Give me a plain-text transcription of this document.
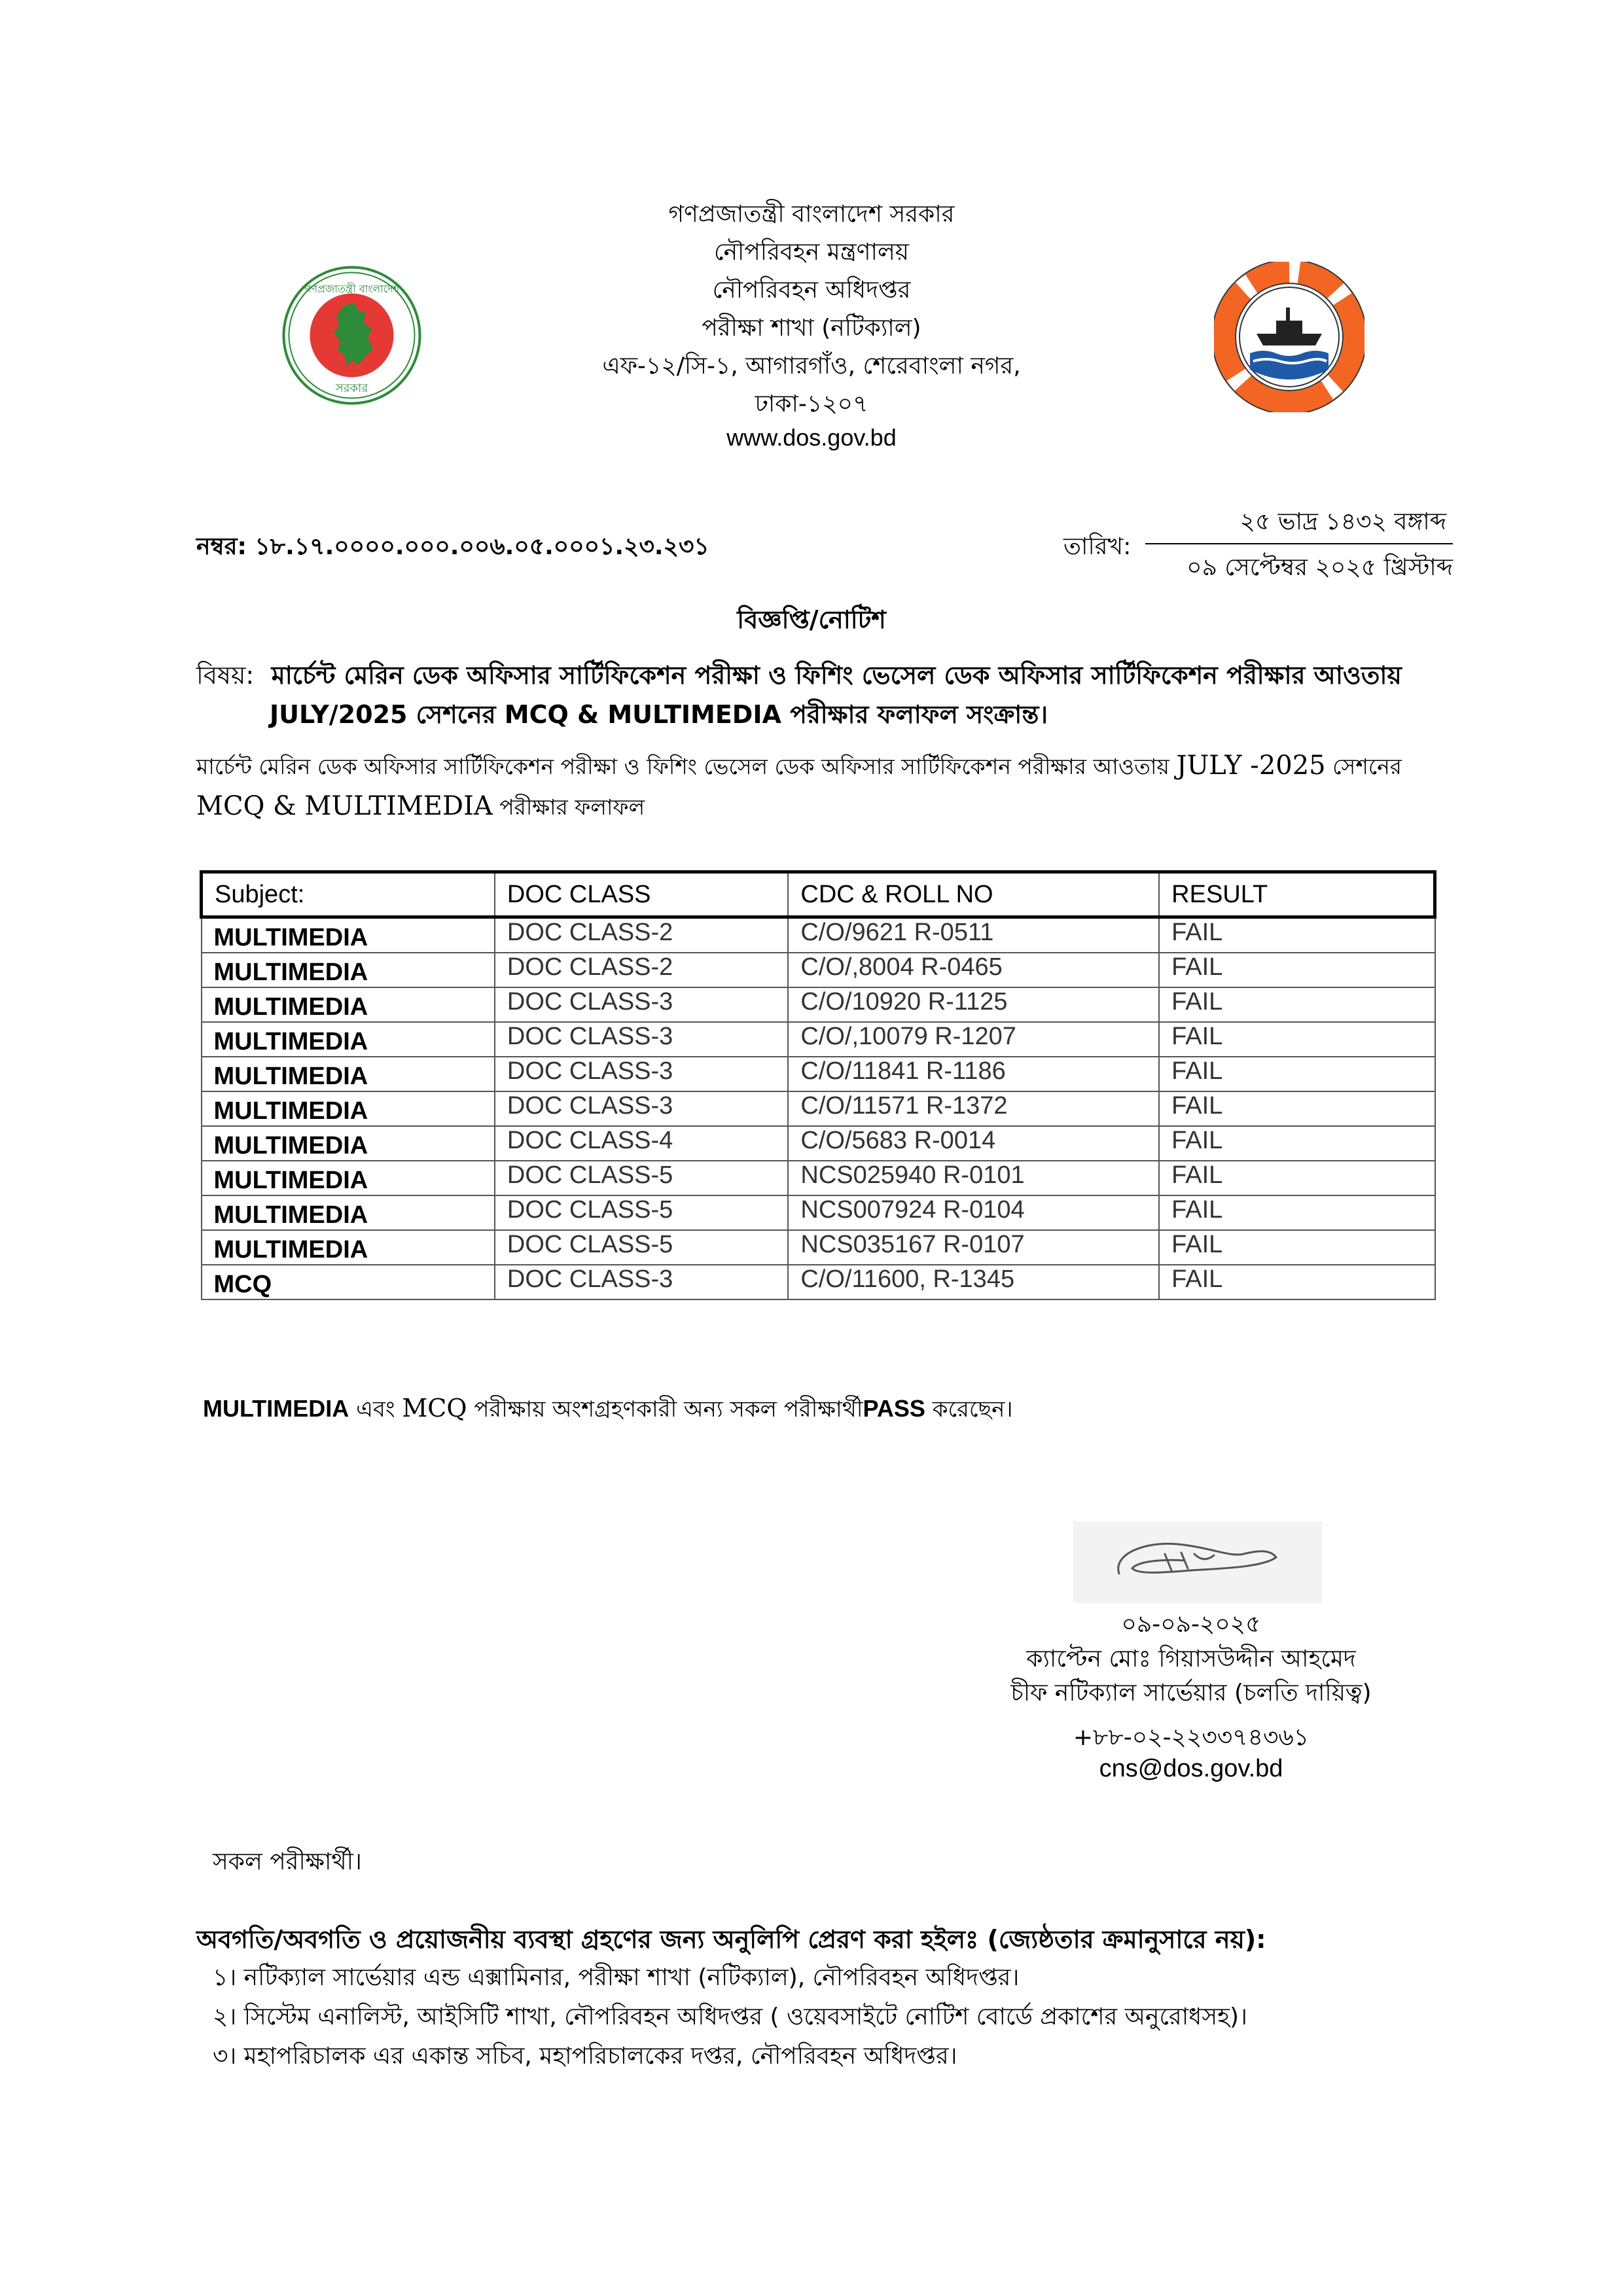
গণপ্রজাতন্ত্রী বাংলাদেশ
সরকার
গণপ্রজাতন্ত্রী বাংলাদেশ সরকার
নৌপরিবহন মন্ত্রণালয়
নৌপরিবহন অধিদপ্তর
পরীক্ষা শাখা (নটিক্যাল)
এফ-১২/সি-১, আগারগাঁও, শেরেবাংলা নগর,
ঢাকা-১২০৭
www.dos.gov.bd
নম্বর: ১৮.১৭.০০০০.০০০.০০৬.০৫.০০০১.২৩.২৩১
২৫ ভাদ্র ১৪৩২ বঙ্গাব্দ
তারিখ:
০৯ সেপ্টেম্বর ২০২৫ খ্রিস্টাব্দ
বিজ্ঞপ্তি/নোটিশ
বিষয়: মার্চেন্ট মেরিন ডেক অফিসার সার্টিফিকেশন পরীক্ষা ও ফিশিং ভেসেল ডেক অফিসার সার্টিফিকেশন পরীক্ষার আওতায়
JULY/2025 সেশনের MCQ & MULTIMEDIA পরীক্ষার ফলাফল সংক্রান্ত।
মার্চেন্ট মেরিন ডেক অফিসার সার্টিফিকেশন পরীক্ষা ও ফিশিং ভেসেল ডেক অফিসার সার্টিফিকেশন পরীক্ষার আওতায় JULY -2025 সেশনের
MCQ & MULTIMEDIA পরীক্ষার ফলাফল
Subject:	DOC CLASS	CDC & ROLL NO	RESULT
MULTIMEDIA	DOC CLASS-2	C/O/9621 R-0511	FAIL
MULTIMEDIA	DOC CLASS-2	C/O/,8004 R-0465	FAIL
MULTIMEDIA	DOC CLASS-3	C/O/10920 R-1125	FAIL
MULTIMEDIA	DOC CLASS-3	C/O/,10079 R-1207	FAIL
MULTIMEDIA	DOC CLASS-3	C/O/11841 R-1186	FAIL
MULTIMEDIA	DOC CLASS-3	C/O/11571 R-1372	FAIL
MULTIMEDIA	DOC CLASS-4	C/O/5683 R-0014	FAIL
MULTIMEDIA	DOC CLASS-5	NCS025940 R-0101	FAIL
MULTIMEDIA	DOC CLASS-5	NCS007924 R-0104	FAIL
MULTIMEDIA	DOC CLASS-5	NCS035167 R-0107	FAIL
MCQ	DOC CLASS-3	C/O/11600, R-1345	FAIL
MULTIMEDIA এবং MCQ পরীক্ষায় অংশগ্রহণকারী অন্য সকল পরীক্ষার্থীPASS করেছেন।
০৯-০৯-২০২৫
ক্যাপ্টেন মোঃ গিয়াসউদ্দীন আহমেদ
চীফ নটিক্যাল সার্ভেয়ার (চলতি দায়িত্ব)
+৮৮-০২-২২৩৩৭৪৩৬১
cns@dos.gov.bd
সকল পরীক্ষার্থী।
অবগতি/অবগতি ও প্রয়োজনীয় ব্যবস্থা গ্রহণের জন্য অনুলিপি প্রেরণ করা হইলঃ (জ্যেষ্ঠতার ক্রমানুসারে নয়):
১। নটিক্যাল সার্ভেয়ার এন্ড এক্সামিনার, পরীক্ষা শাখা (নটিক্যাল), নৌপরিবহন অধিদপ্তর।
২। সিস্টেম এনালিস্ট, আইসিটি শাখা, নৌপরিবহন অধিদপ্তর ( ওয়েবসাইটে নোটিশ বোর্ডে প্রকাশের অনুরোধসহ)।
৩। মহাপরিচালক এর একান্ত সচিব, মহাপরিচালকের দপ্তর, নৌপরিবহন অধিদপ্তর।
